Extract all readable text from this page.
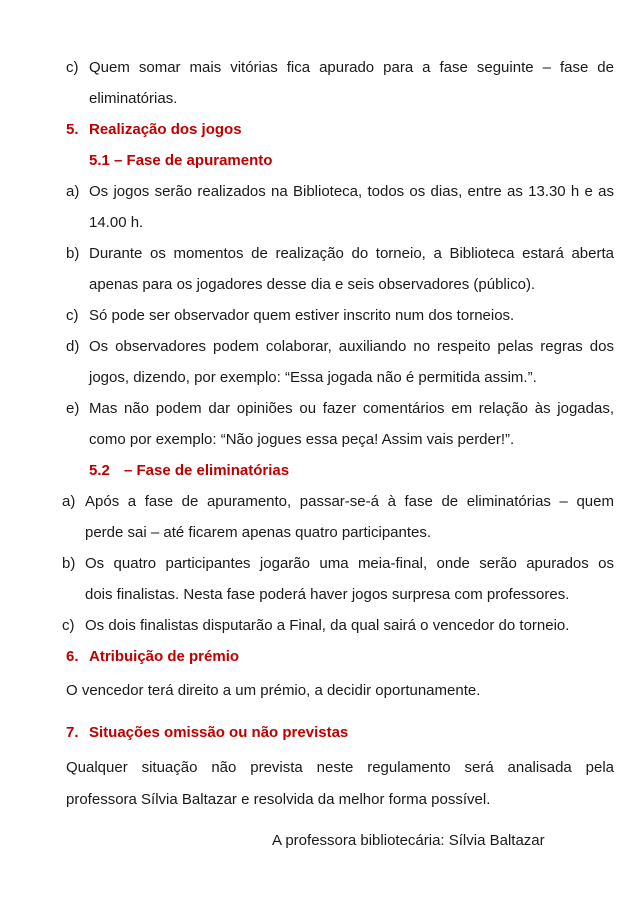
c) Quem somar mais vitórias fica apurado para a fase seguinte – fase de
eliminatórias.
5. Realização dos jogos
5.1 – Fase de apuramento
a) Os jogos serão realizados na Biblioteca, todos os dias, entre as 13.30 h e as
14.00 h.
b) Durante os momentos de realização do torneio, a Biblioteca estará aberta
apenas para os jogadores desse dia e seis observadores (público).
c) Só pode ser observador quem estiver inscrito num dos torneios.
d) Os observadores podem colaborar, auxiliando no respeito pelas regras dos
jogos, dizendo, por exemplo: “Essa jogada não é permitida assim.”.
e) Mas não podem dar opiniões ou fazer comentários em relação às jogadas,
como por exemplo: “Não jogues essa peça! Assim vais perder!”.
5.2 – Fase de eliminatórias
a) Após a fase de apuramento, passar-se-á à fase de eliminatórias – quem
perde sai – até ficarem apenas quatro participantes.
b) Os quatro participantes jogarão uma meia-final, onde serão apurados os
dois finalistas. Nesta fase poderá haver jogos surpresa com professores.
c) Os dois finalistas disputarão a Final, da qual sairá o vencedor do torneio.
6. Atribuição de prémio
O vencedor terá direito a um prémio, a decidir oportunamente.
7. Situações omissão ou não previstas
Qualquer situação não prevista neste regulamento será analisada pela
professora Sílvia Baltazar e resolvida da melhor forma possível.
A professora bibliotecária: Sílvia Baltazar
